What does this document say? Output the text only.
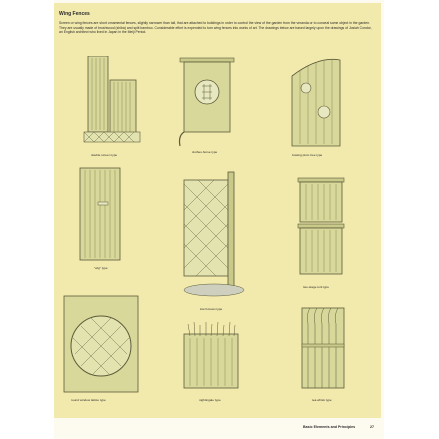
Wing Fences
Screen or wing fences are short ornamental fences, slightly narrower than tall, that are attached to buildings in order to control the view of the garden from the veranda or to conceal some object in the garden. They are usually made of brushwood (shiba) and split bamboo. Considerable effort is expended to turn wing fences into works of art. The drawings below are based largely upon the drawings of Josiah Condor, an English architect who lived in Japan in the Meiji Period.
double screen type
clothes-horse type
bowing plum tree type
"wig" type
low Korean type
two-stage torii type
round window lattice type	nightingale type	tea whisk type
Basic Elements and Principles	27
